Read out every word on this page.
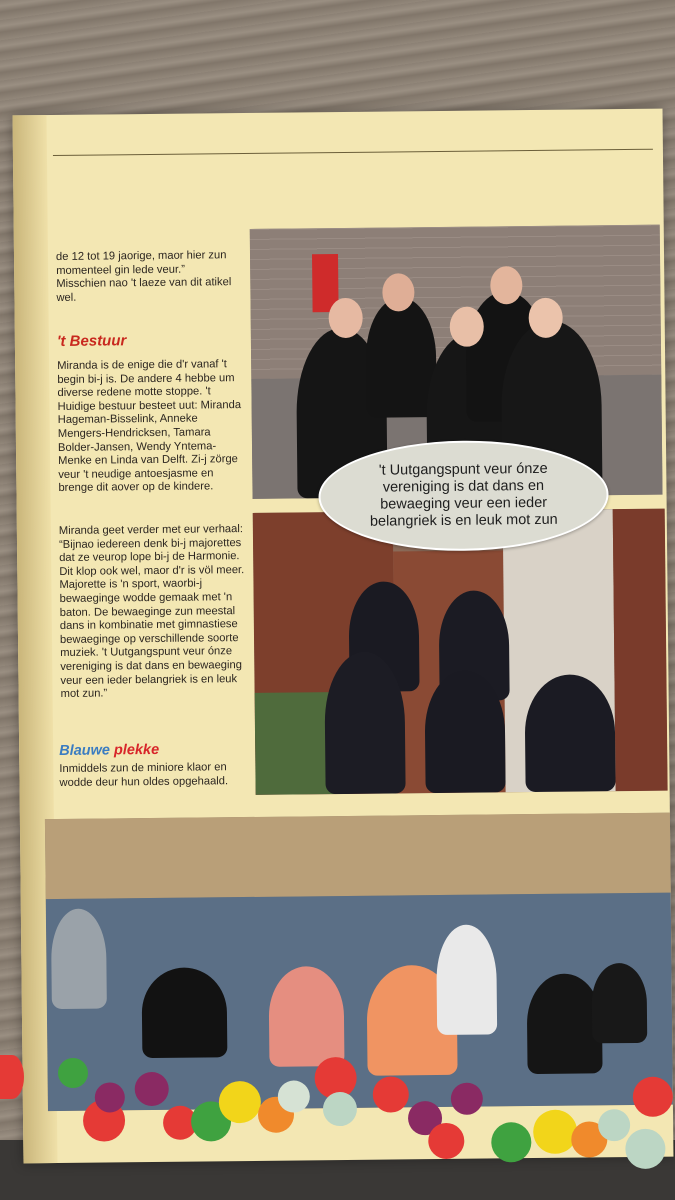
de 12 tot 19 jaorige, maor hier zun momenteel gin lede veur.” Misschien nao 't laeze van dit atikel wel.
't Bestuur
Miranda is de enige die d'r vanaf 't begin bi-j is. De andere 4 hebbe um diverse redene motte stoppe. 't Huidige bestuur besteet uut: Miranda Hageman-Bisselink, Anneke Mengers-Hendricksen, Tamara Bolder-Jansen, Wendy Yntema-Menke en Linda van Delft. Zi-j zörge veur 't neudige antoesjasme en brenge dit aover op de kindere.
Miranda geet verder met eur verhaal: “Bijnao iedereen denk bi-j majorettes dat ze veurop lope bi-j de Harmonie. Dit klop ook wel, maor d'r is völ meer. Majorette is 'n sport, waorbi-j bewaeginge wodde gemaak met 'n baton. De bewaeginge zun meestal dans in kombinatie met gimnastiese bewaeginge op verschillende soorte muziek. 't Uutgangspunt veur ónze vereniging is dat dans en bewaeging veur een ieder belangriek is en leuk mot zun.”
Blauwe plekke
Inmiddels zun de miniore klaor en wodde deur hun oldes opgehaald.
't Uutgangspunt veur ónze vereniging is dat dans en bewaeging veur een ieder belangriek is en leuk mot zun
